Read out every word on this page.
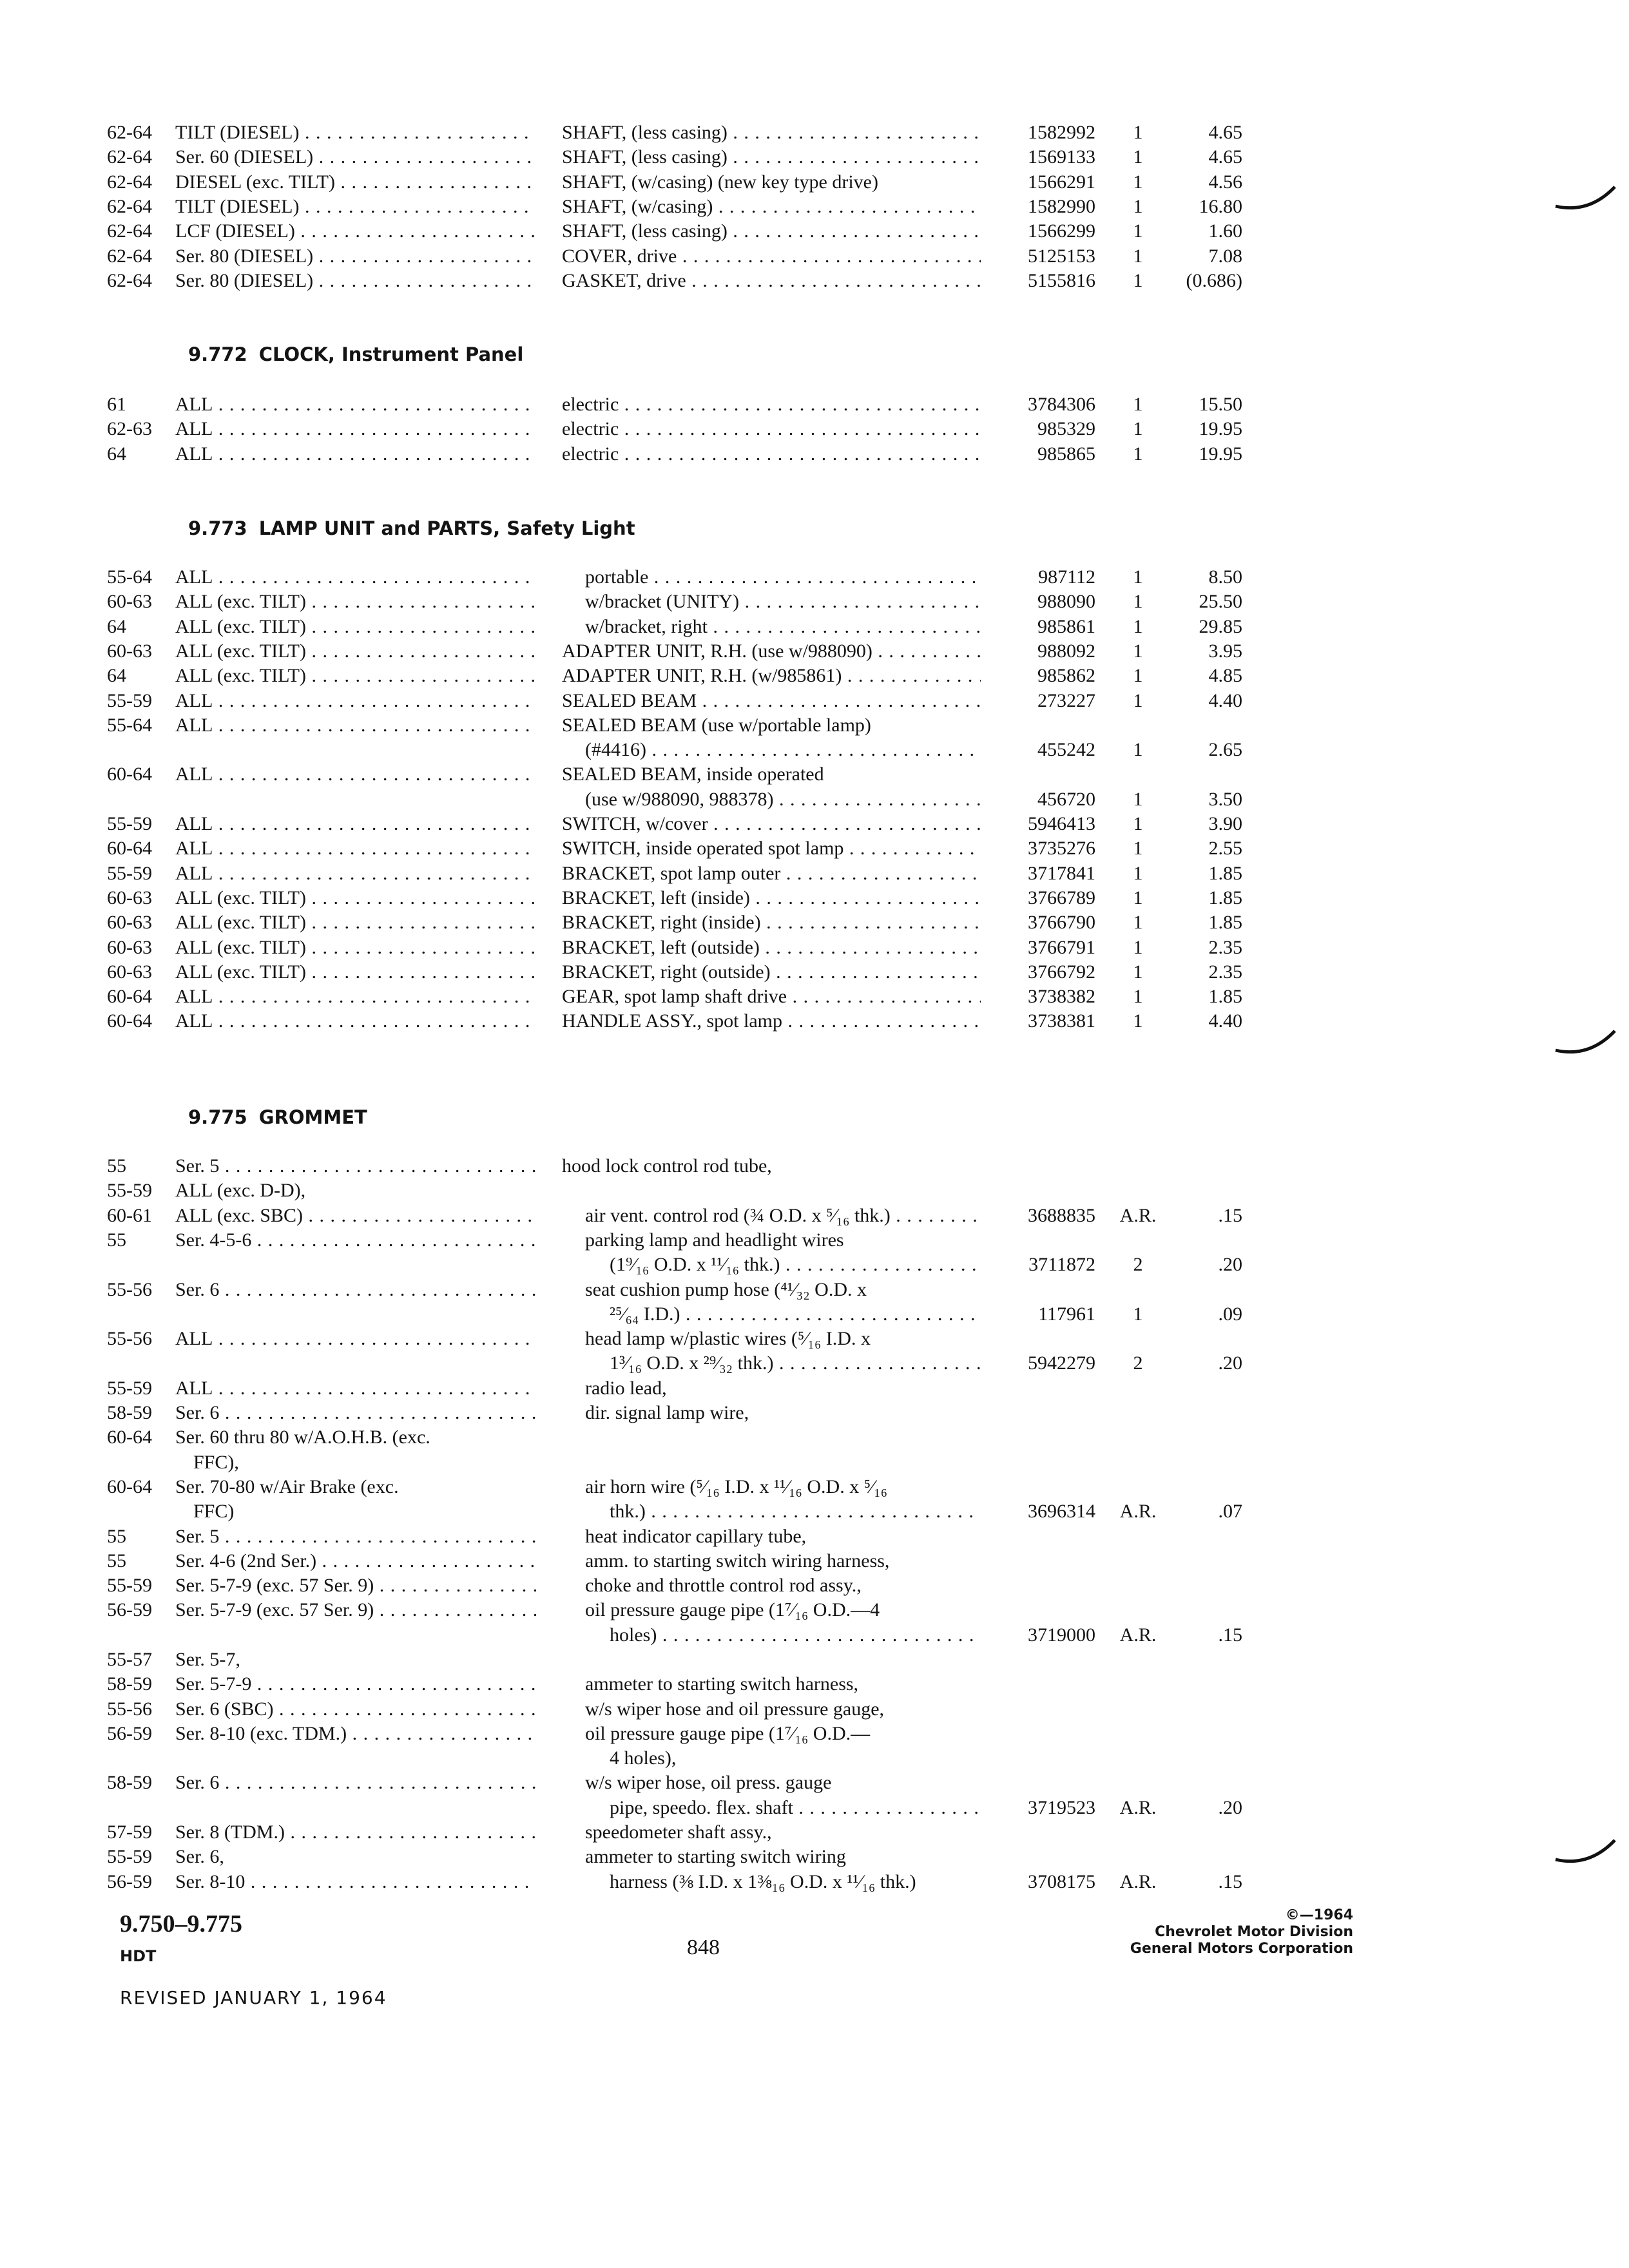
62-64	TILT (DIESEL) . . .	SHAFT, (less casing) . . .	1582992	1	4.65
62-64	Ser. 60 (DIESEL) . . .	SHAFT, (less casing) . . .	1569133	1	4.65
62-64	DIESEL (exc. TILT) . . .	SHAFT, (w/casing) (new key type drive)	1566291	1	4.56
62-64	TILT (DIESEL) . . .	SHAFT, (w/casing) . . .	1582990	1	16.80
62-64	LCF (DIESEL) . . .	SHAFT, (less casing) . . .	1566299	1	1.60
62-64	Ser. 80 (DIESEL) . . .	COVER, drive . . .	5125153	1	7.08
62-64	Ser. 80 (DIESEL) . . .	GASKET, drive . . .	5155816	1	(0.686)
9.772 CLOCK, Instrument Panel
61	ALL . . .	electric . . .	3784306	1	15.50
62-63	ALL . . .	electric . . .	985329	1	19.95
64	ALL . . .	electric . . .	985865	1	19.95
9.773 LAMP UNIT and PARTS, Safety Light
55-64	ALL . . .	portable . . .	987112	1	8.50
60-63	ALL (exc. TILT) . . .	w/bracket (UNITY) . . .	988090	1	25.50
64	ALL (exc. TILT) . . .	w/bracket, right . . .	985861	1	29.85
60-63	ALL (exc. TILT) . . .	ADAPTER UNIT, R.H. (use w/988090) . . .	988092	1	3.95
64	ALL (exc. TILT) . . .	ADAPTER UNIT, R.H. (w/985861) . . .	985862	1	4.85
55-59	ALL . . .	SEALED BEAM . . .	273227	1	4.40
55-64	ALL . . .	SEALED BEAM (use w/portable lamp)
(#4416) . . .	455242	1	2.65
60-64	ALL . . .	SEALED BEAM, inside operated
(use w/988090, 988378) . . .	456720	1	3.50
55-59	ALL . . .	SWITCH, w/cover . . .	5946413	1	3.90
60-64	ALL . . .	SWITCH, inside operated spot lamp . . .	3735276	1	2.55
55-59	ALL . . .	BRACKET, spot lamp outer . . .	3717841	1	1.85
60-63	ALL (exc. TILT) . . .	BRACKET, left (inside) . . .	3766789	1	1.85
60-63	ALL (exc. TILT) . . .	BRACKET, right (inside) . . .	3766790	1	1.85
60-63	ALL (exc. TILT) . . .	BRACKET, left (outside) . . .	3766791	1	2.35
60-63	ALL (exc. TILT) . . .	BRACKET, right (outside) . . .	3766792	1	2.35
60-64	ALL . . .	GEAR, spot lamp shaft drive . . .	3738382	1	1.85
60-64	ALL . . .	HANDLE ASSY., spot lamp . . .	3738381	1	4.40
9.775 GROMMET
55	Ser. 5 . . .	hood lock control rod tube,
55-59	ALL (exc. D-D),
60-61	ALL (exc. SBC) . . .	air vent. control rod (¾ O.D. x ⁵⁄₁₆ thk.) . . .	3688835	A.R.	.15
55	Ser. 4-5-6 . . .	parking lamp and headlight wires
(1⁹⁄₁₆ O.D. x ¹¹⁄₁₆ thk.) . . .	3711872	2	.20
55-56	Ser. 6 . . .	seat cushion pump hose (⁴¹⁄₃₂ O.D. x
²⁵⁄₆₄ I.D.) . . .	117961	1	.09
55-56	ALL . . .	head lamp w/plastic wires (⁵⁄₁₆ I.D. x
1³⁄₁₆ O.D. x ²⁹⁄₃₂ thk.) . . .	5942279	2	.20
55-59	ALL . . .	radio lead,
58-59	Ser. 6 . . .	dir. signal lamp wire,
60-64	Ser. 60 thru 80 w/A.O.H.B. (exc.
FFC),
60-64	Ser. 70-80 w/Air Brake (exc.	air horn wire (⁵⁄₁₆ I.D. x ¹¹⁄₁₆ O.D. x ⁵⁄₁₆
FFC)	thk.) . . .	3696314	A.R.	.07
55	Ser. 5 . . .	heat indicator capillary tube,
55	Ser. 4-6 (2nd Ser.) . . .	amm. to starting switch wiring harness,
55-59	Ser. 5-7-9 (exc. 57 Ser. 9) . . .	choke and throttle control rod assy.,
56-59	Ser. 5-7-9 (exc. 57 Ser. 9) . . .	oil pressure gauge pipe (1⁷⁄₁₆ O.D.—4
holes) . . .	3719000	A.R.	.15
55-57	Ser. 5-7,
58-59	Ser. 5-7-9 . . .	ammeter to starting switch harness,
55-56	Ser. 6 (SBC) . . .	w/s wiper hose and oil pressure gauge,
56-59	Ser. 8-10 (exc. TDM.) . . .	oil pressure gauge pipe (1⁷⁄₁₆ O.D.—
4 holes),
58-59	Ser. 6 . . .	w/s wiper hose, oil press. gauge
pipe, speedo. flex. shaft . . .	3719523	A.R.	.20
57-59	Ser. 8 (TDM.) . . .	speedometer shaft assy.,
55-59	Ser. 6,	ammeter to starting switch wiring
56-59	Ser. 8-10 . . .	harness (⅜ I.D. x 1⅜₁₆ O.D. x ¹¹⁄₁₆ thk.)	3708175	A.R.	.15
9.750–9.775
HDT	848
©—1964
Chevrolet Motor Division
General Motors Corporation
REVISED JANUARY 1, 1964
